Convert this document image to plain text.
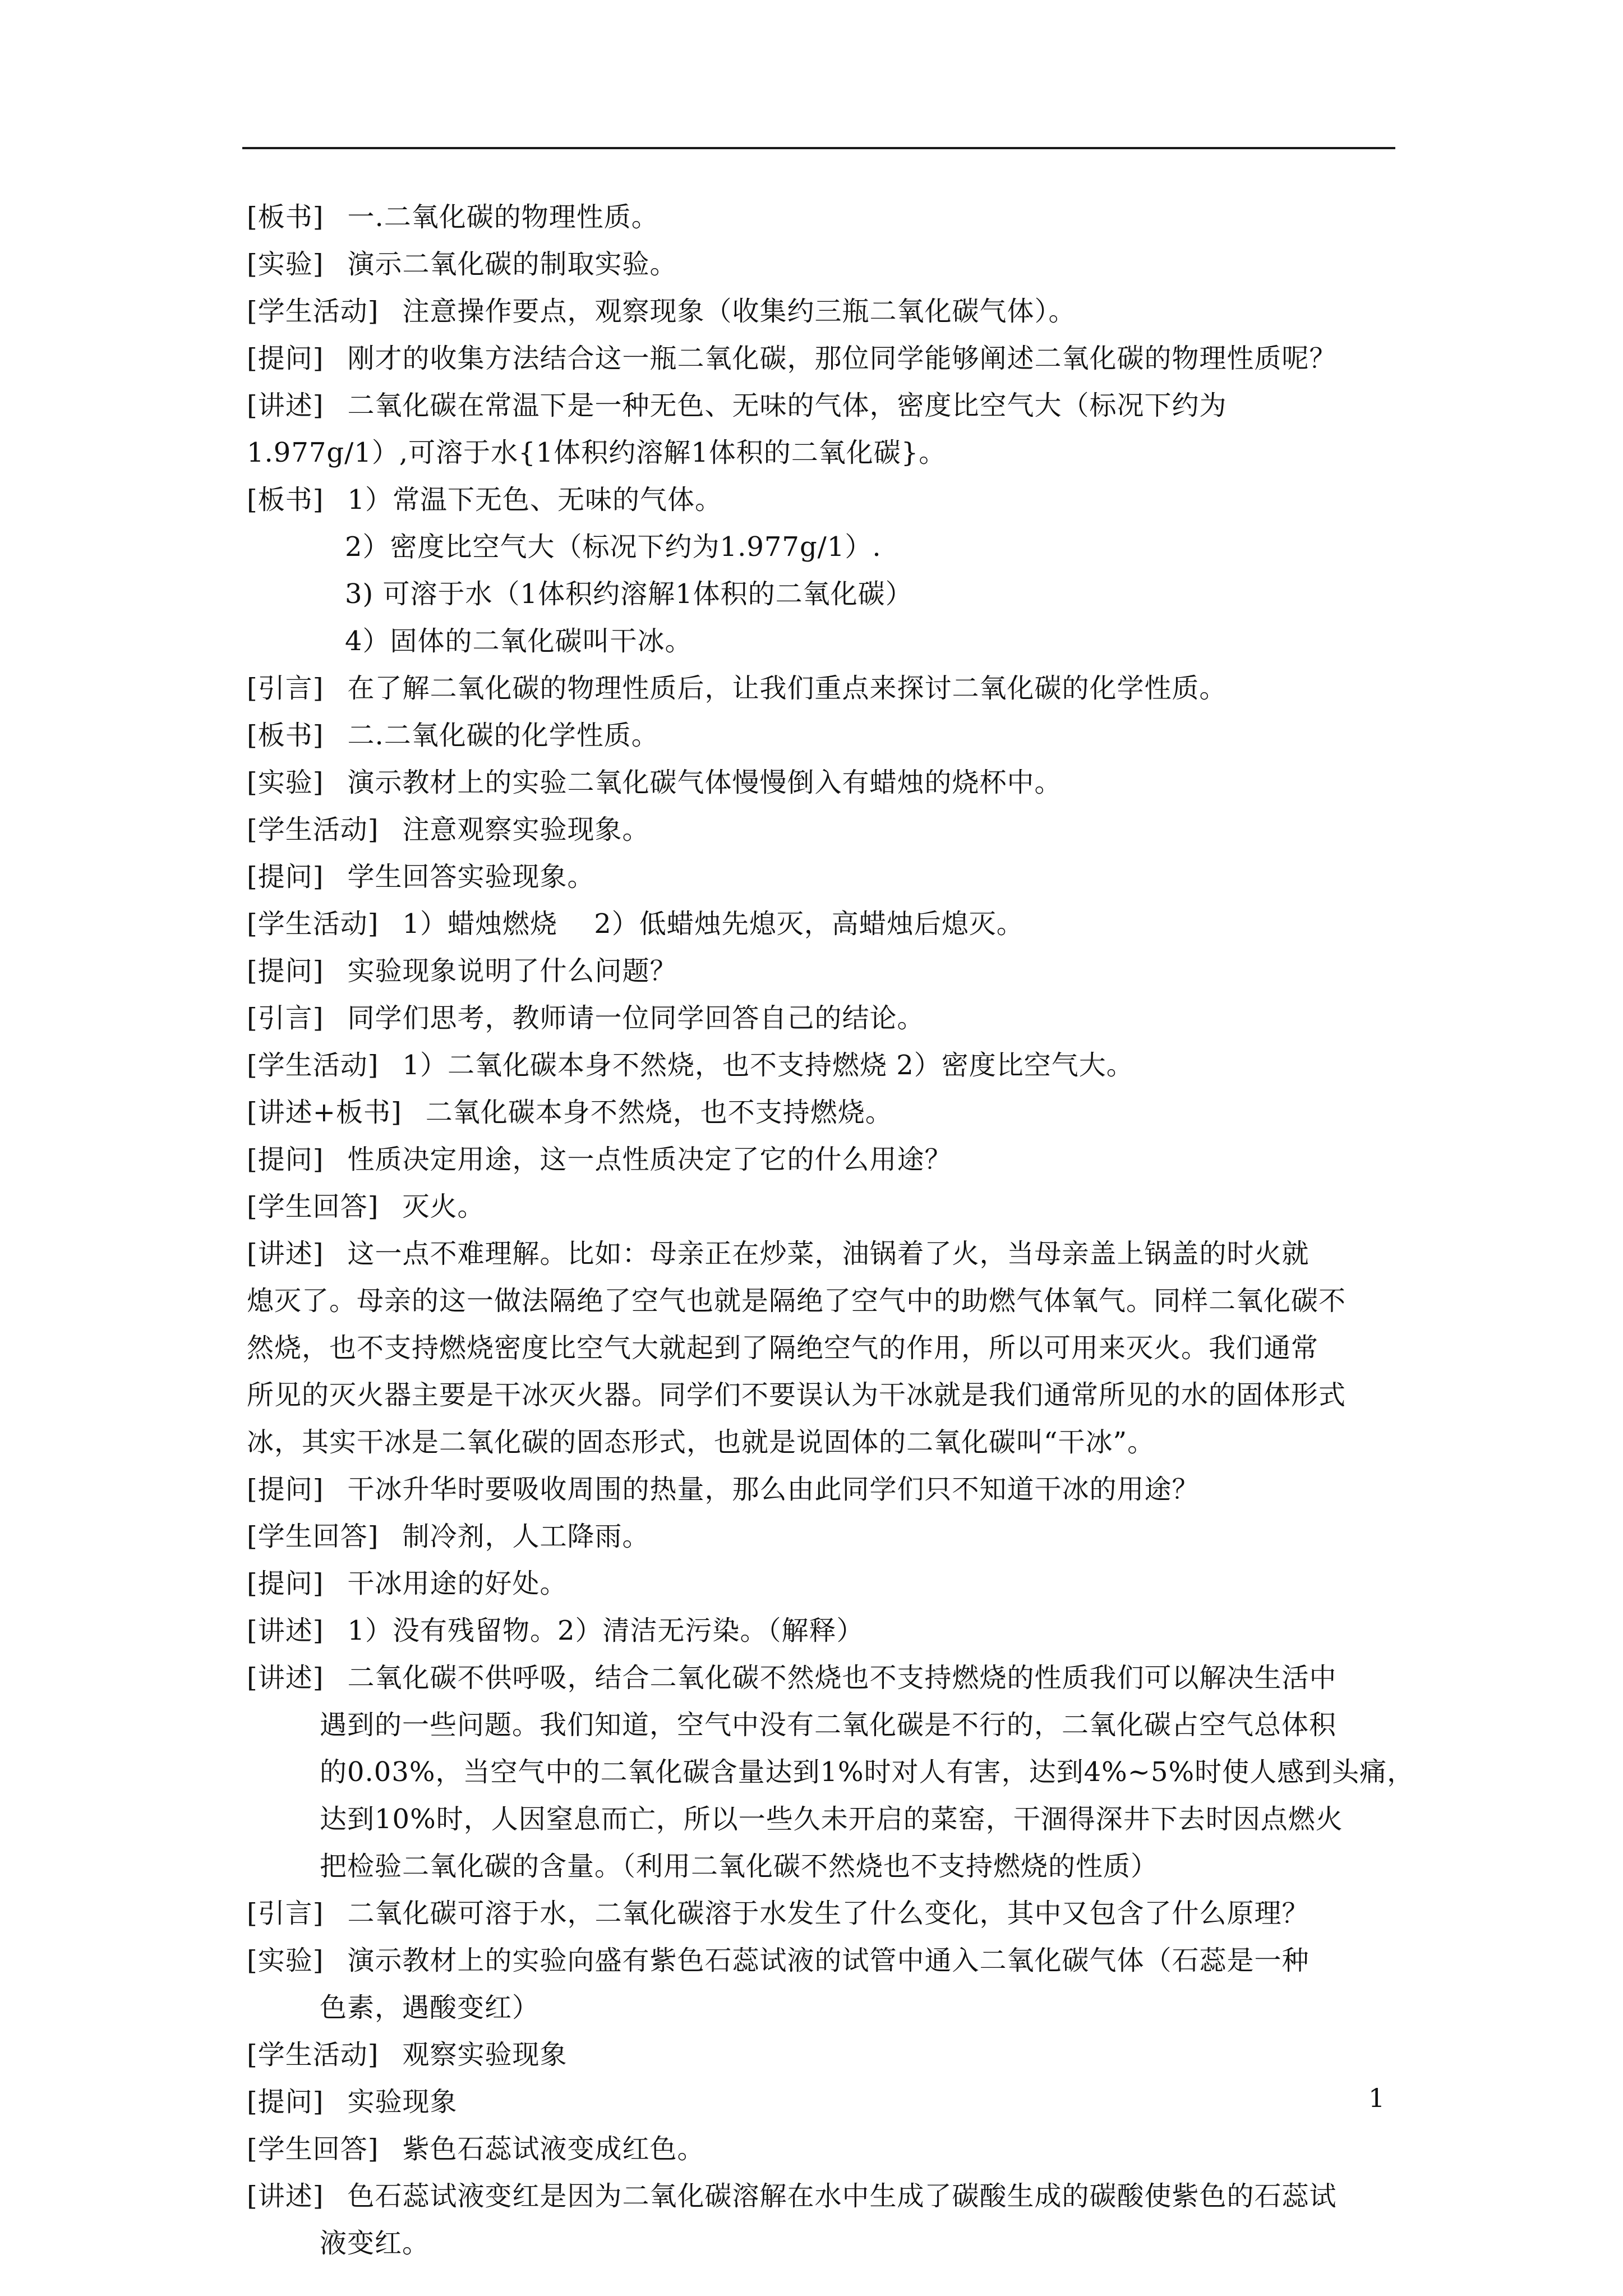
[板书] 一.二氧化碳的物理性质。
[实验] 演示二氧化碳的制取实验。
[学生活动] 注意操作要点，观察现象（收集约三瓶二氧化碳气体）。
[提问] 刚才的收集方法结合这一瓶二氧化碳，那位同学能够阐述二氧化碳的物理性质呢？
[讲述] 二氧化碳在常温下是一种无色、无味的气体，密度比空气大（标况下约为
1.977g/1）,可溶于水{1体积约溶解1体积的二氧化碳}。
[板书] 1）常温下无色、无味的气体。
2）密度比空气大（标况下约为1.977g/1）.
3) 可溶于水（1体积约溶解1体积的二氧化碳）
4）固体的二氧化碳叫干冰。
[引言] 在了解二氧化碳的物理性质后，让我们重点来探讨二氧化碳的化学性质。
[板书] 二.二氧化碳的化学性质。
[实验] 演示教材上的实验二氧化碳气体慢慢倒入有蜡烛的烧杯中。
[学生活动] 注意观察实验现象。
[提问] 学生回答实验现象。
[学生活动] 1）蜡烛燃烧　 2）低蜡烛先熄灭，高蜡烛后熄灭。
[提问] 实验现象说明了什么问题？
[引言] 同学们思考，教师请一位同学回答自己的结论。
[学生活动] 1）二氧化碳本身不然烧，也不支持燃烧 2）密度比空气大。
[讲述+板书] 二氧化碳本身不然烧，也不支持燃烧。
[提问] 性质决定用途，这一点性质决定了它的什么用途？
[学生回答] 灭火。
[讲述] 这一点不难理解。比如：母亲正在炒菜，油锅着了火，当母亲盖上锅盖的时火就
熄灭了。母亲的这一做法隔绝了空气也就是隔绝了空气中的助燃气体氧气。同样二氧化碳不
然烧，也不支持燃烧密度比空气大就起到了隔绝空气的作用，所以可用来灭火。我们通常
所见的灭火器主要是干冰灭火器。同学们不要误认为干冰就是我们通常所见的水的固体形式
冰，其实干冰是二氧化碳的固态形式，也就是说固体的二氧化碳叫“干冰”。
[提问] 干冰升华时要吸收周围的热量，那么由此同学们只不知道干冰的用途？
[学生回答] 制冷剂，人工降雨。
[提问] 干冰用途的好处。
[讲述] 1）没有残留物。2）清洁无污染。（解释）
[讲述] 二氧化碳不供呼吸，结合二氧化碳不然烧也不支持燃烧的性质我们可以解决生活中
遇到的一些问题。我们知道，空气中没有二氧化碳是不行的，二氧化碳占空气总体积
的0.03%，当空气中的二氧化碳含量达到1%时对人有害，达到4%~5%时使人感到头痛，
达到10%时，人因窒息而亡，所以一些久未开启的菜窑，干涸得深井下去时因点燃火
把检验二氧化碳的含量。（利用二氧化碳不然烧也不支持燃烧的性质）
[引言] 二氧化碳可溶于水，二氧化碳溶于水发生了什么变化，其中又包含了什么原理？
[实验] 演示教材上的实验向盛有紫色石蕊试液的试管中通入二氧化碳气体（石蕊是一种
色素，遇酸变红）
[学生活动] 观察实验现象
[提问] 实验现象
[学生回答] 紫色石蕊试液变成红色。
[讲述] 色石蕊试液变红是因为二氧化碳溶解在水中生成了碳酸生成的碳酸使紫色的石蕊试
液变红。
1
